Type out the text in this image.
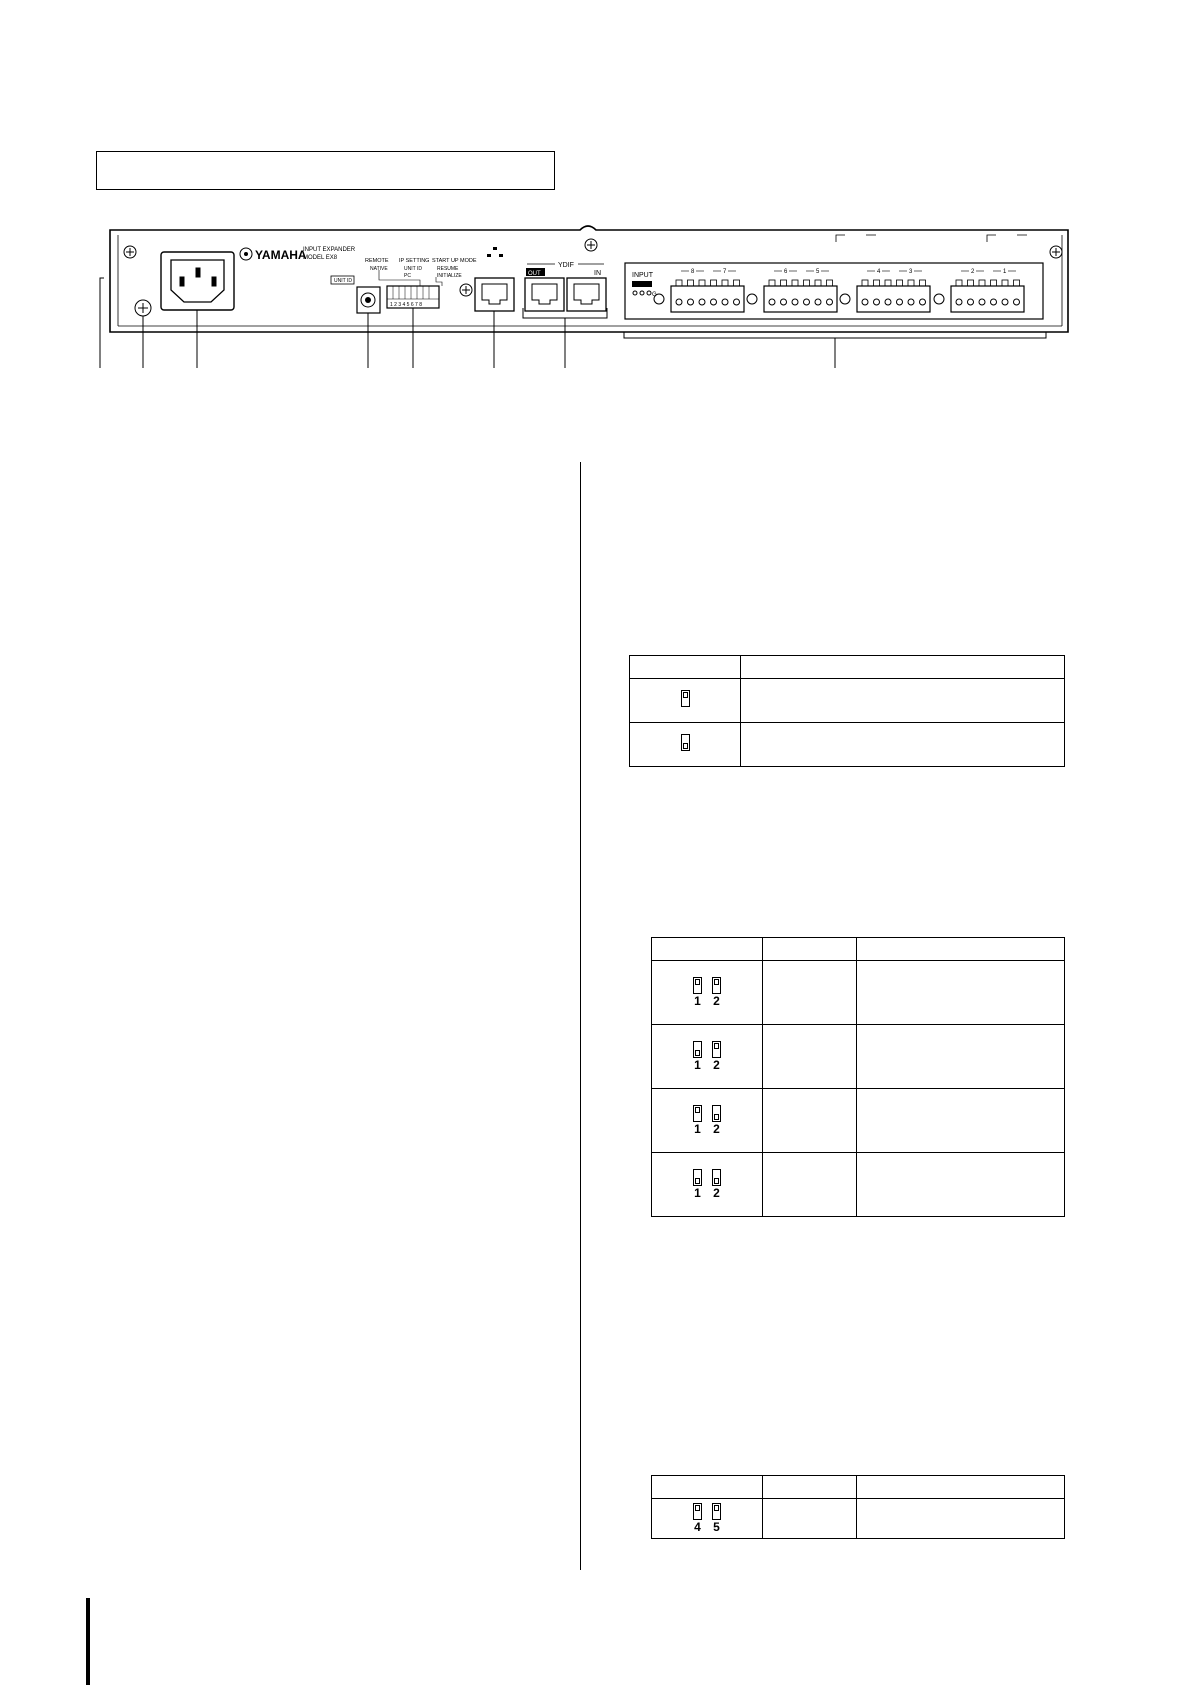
YAMAHA
INPUT EXPANDER
MODEL EX8
UNIT ID
REMOTE
NATIVE
IP SETTING
UNIT ID
PC
START UP MODE
RESUME
INITIALIZE
1 2 3 4 5 6 7 8
YDIF
OUT	IN	INPUT
G
8	7	6	5	4	3	2	1

1 2		

1 2		

1 2		

1 2		

4 5		
